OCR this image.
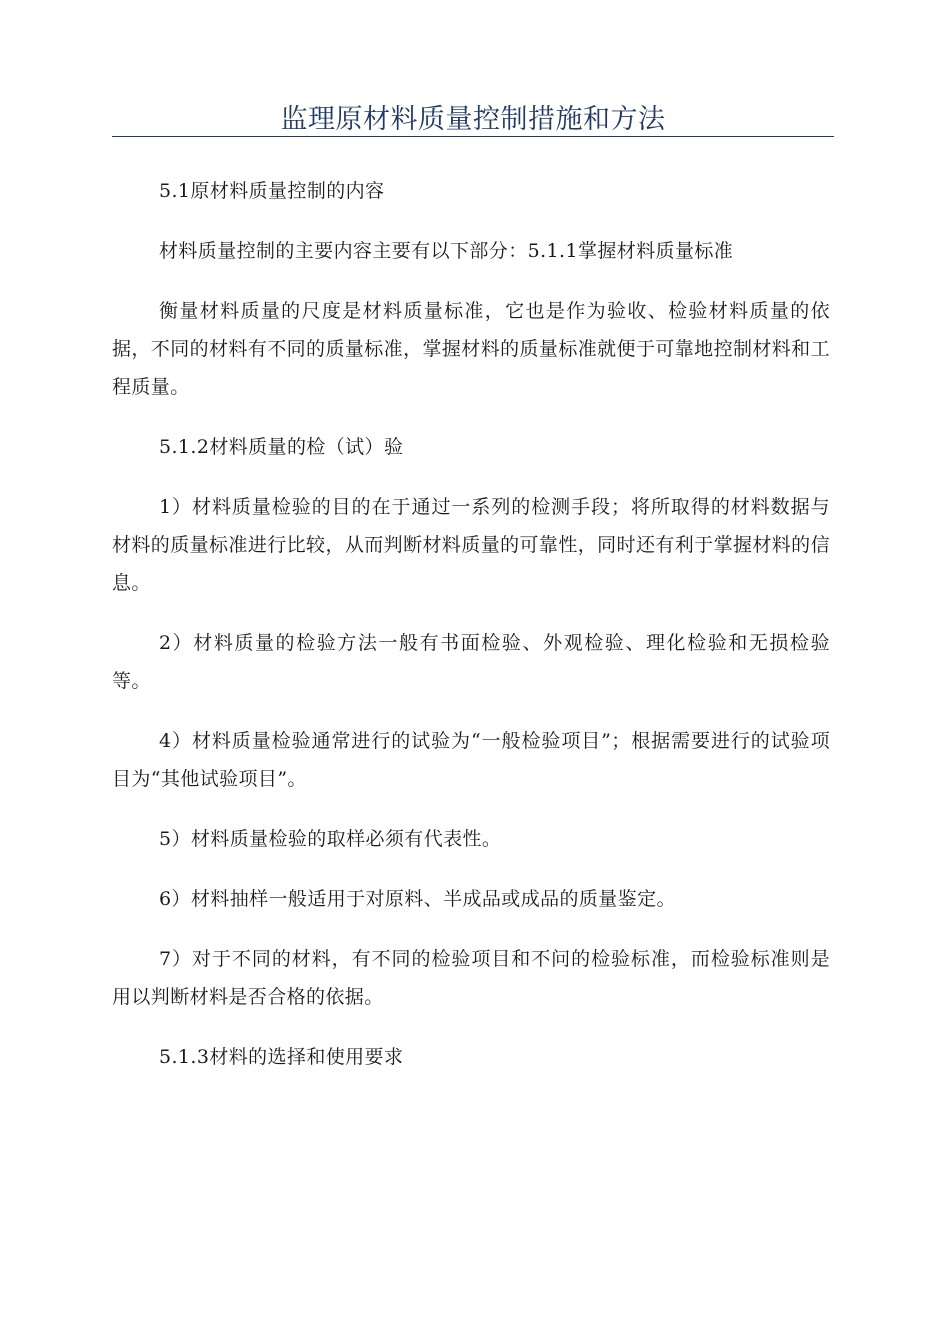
监理原材料质量控制措施和方法

5.1原材料质量控制的内容

材料质量控制的主要内容主要有以下部分：5.1.1掌握材料质量标准

衡量材料质量的尺度是材料质量标准，它也是作为验收、检验材料质量的依据，不同的材料有不同的质量标准，掌握材料的质量标准就便于可靠地控制材料和工程质量。

5.1.2材料质量的检（试）验

1）材料质量检验的目的在于通过一系列的检测手段；将所取得的材料数据与材料的质量标准进行比较，从而判断材料质量的可靠性，同时还有利于掌握材料的信息。

2）材料质量的检验方法一般有书面检验、外观检验、理化检验和无损检验等。

4）材料质量检验通常进行的试验为“一般检验项目”；根据需要进行的试验项目为“其他试验项目”。

5）材料质量检验的取样必须有代表性。

6）材料抽样一般适用于对原料、半成品或成品的质量鉴定。

7）对于不同的材料，有不同的检验项目和不问的检验标准，而检验标准则是用以判断材料是否合格的依据。

5.1.3材料的选择和使用要求
